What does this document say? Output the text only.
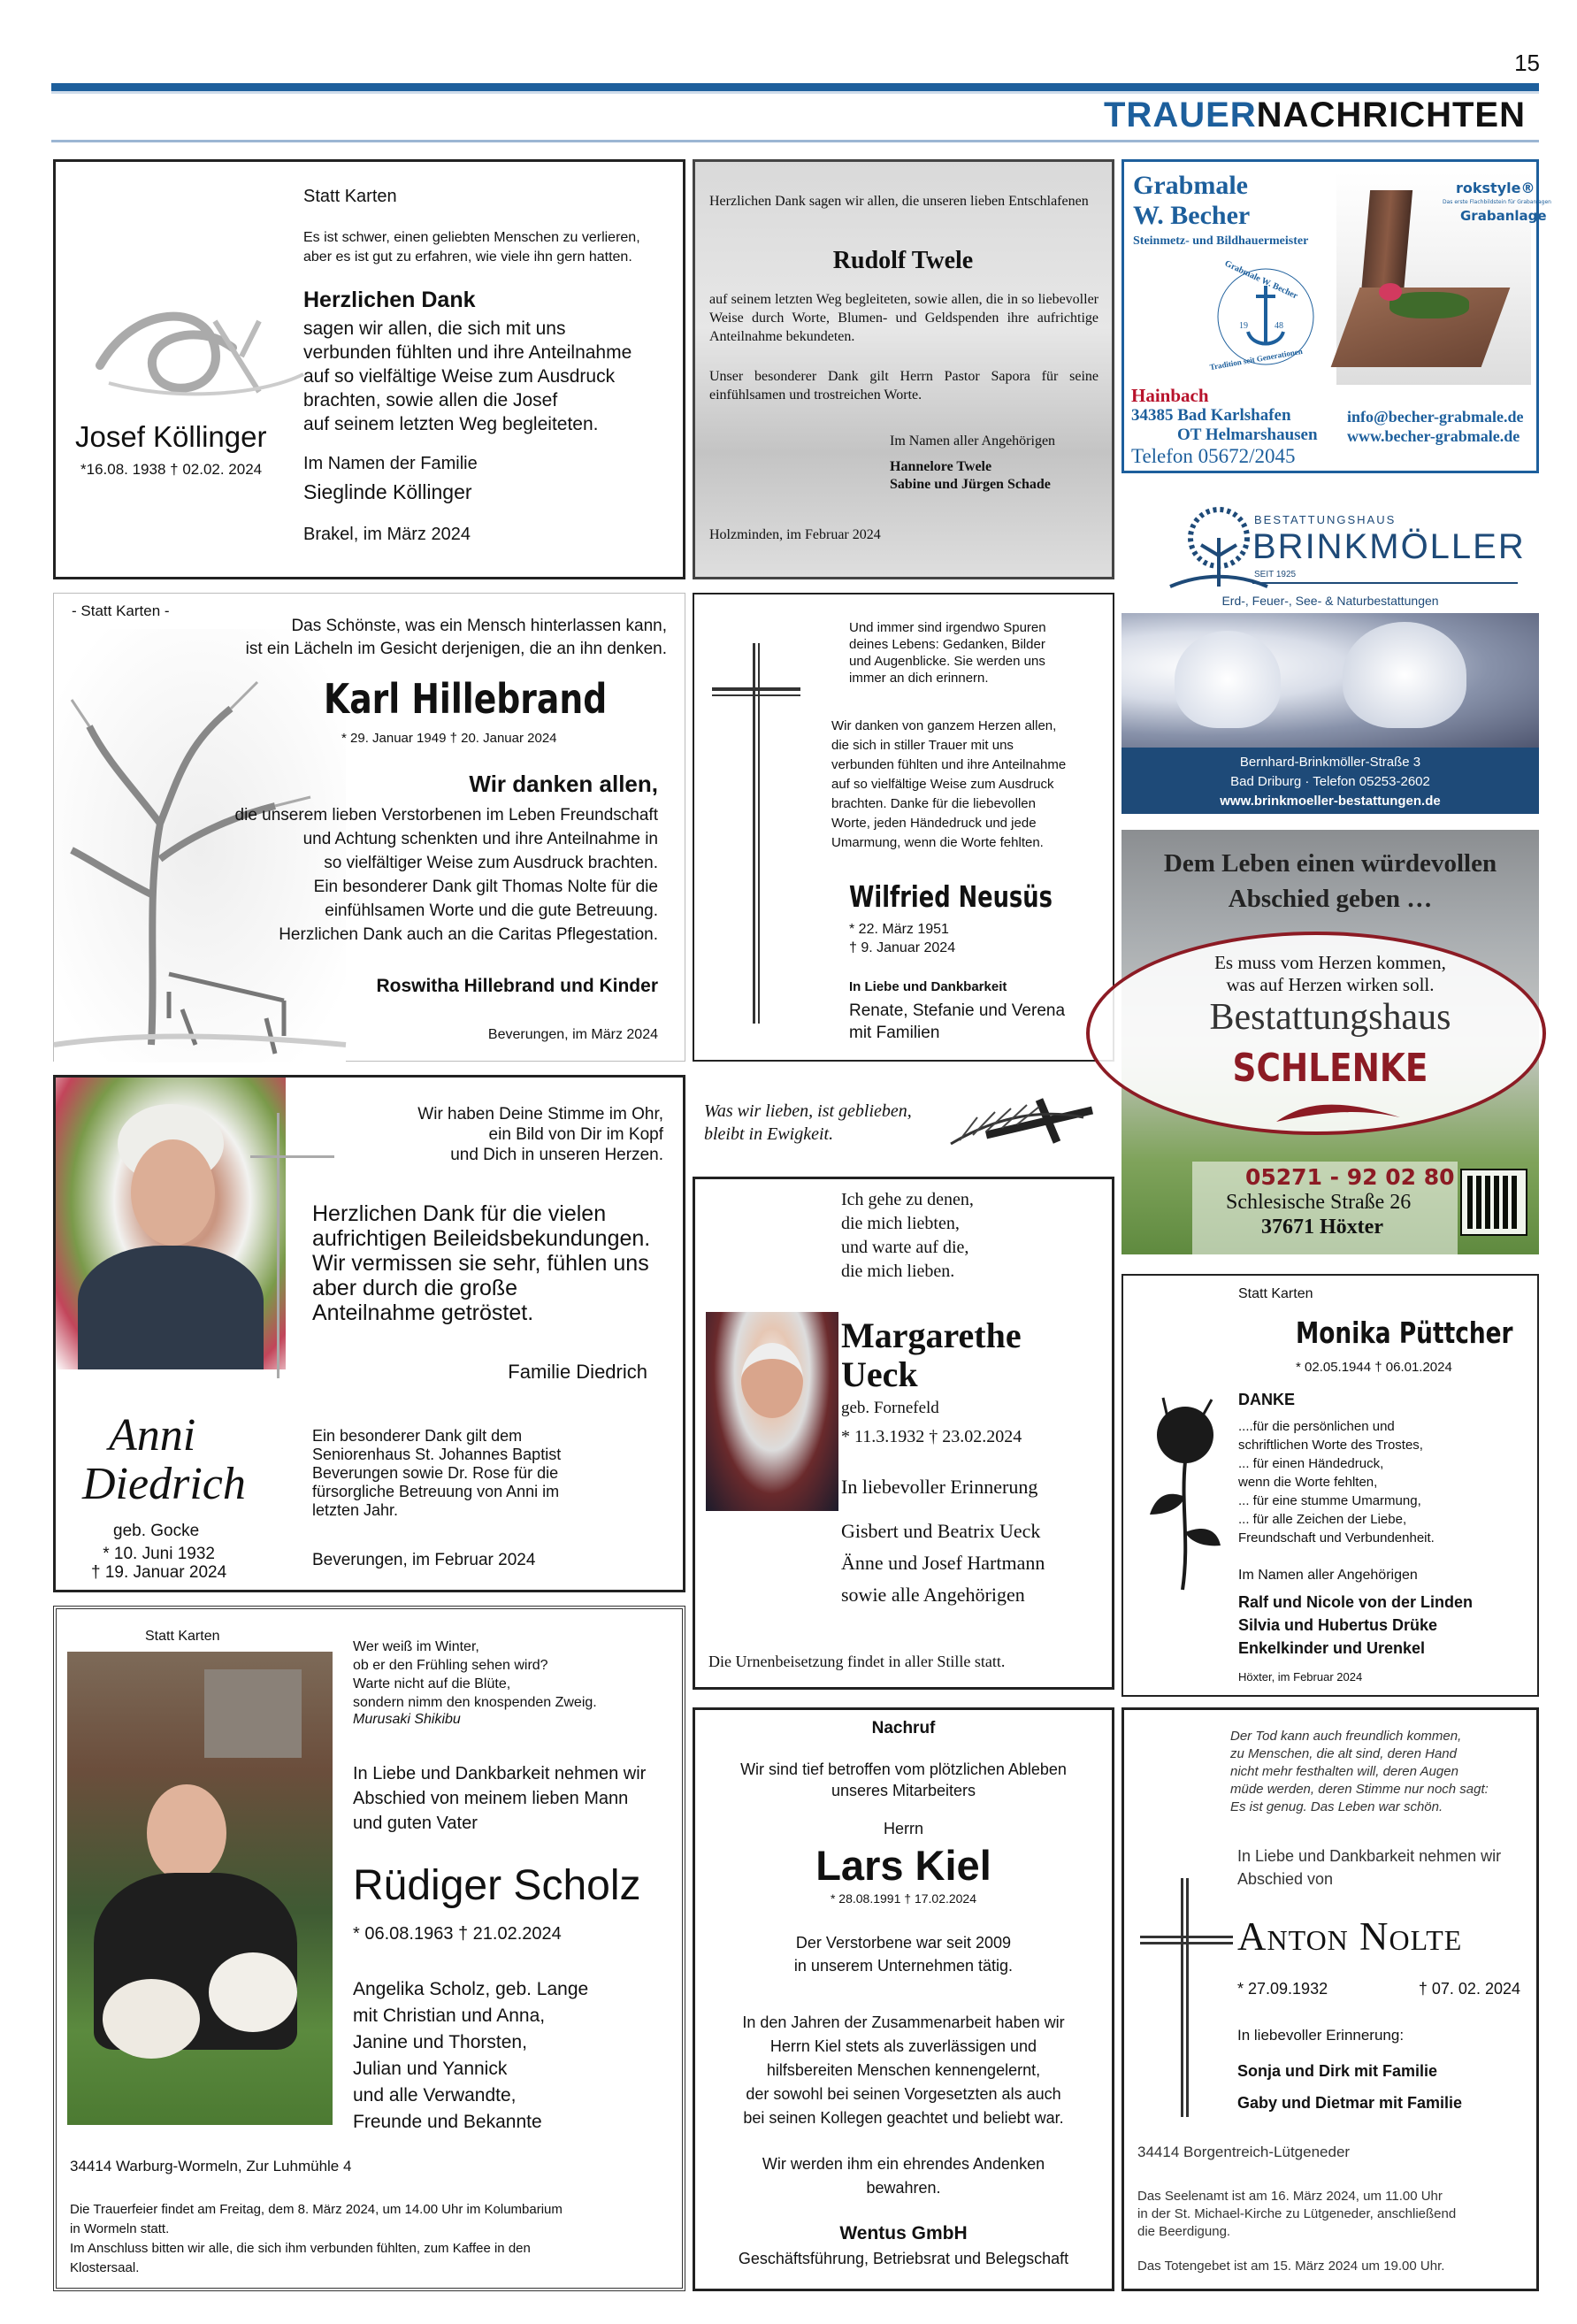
15
TRAUERNACHRICHTEN
Josef Köllinger
*16.08. 1938 † 02.02. 2024
Statt Karten
Es ist schwer, einen geliebten Menschen zu verlieren,
aber es ist gut zu erfahren, wie viele ihn gern hatten.
Herzlichen Dank
sagen wir allen, die sich mit uns
verbunden fühlten und ihre Anteilnahme
auf so vielfältige Weise zum Ausdruck
brachten, sowie allen die Josef
auf seinem letzten Weg begleiteten.
Im Namen der Familie
Sieglinde Köllinger
Brakel, im März 2024
Herzlichen Dank sagen wir allen, die unseren lieben Entschlafenen
Rudolf Twele
auf seinem letzten Weg begleiteten, sowie allen, die in so liebevoller Weise durch Worte, Blumen- und Geldspenden ihre aufrichtige Anteilnahme bekundeten.
Unser besonderer Dank gilt Herrn Pastor Sapora für seine einfühlsamen und trostreichen Worte.
Im Namen aller Angehörigen
Hannelore Twele
Sabine und Jürgen Schade
Holzminden, im Februar 2024
Grabmale
W. Becher
Steinmetz- und Bildhauermeister
Grabmale W. Becher
19	48
Tradition seit Generationen
rokstyle®
Das erste Flachbildstein für Grabanlagen
Grabanlage
Hainbach
34385 Bad Karlshafen
OT Helmarshausen
Telefon 05672/2045
info@becher-grabmale.de
www.becher-grabmale.de
BESTATTUNGSHAUS
BRINKMÖLLER
SEIT 1925
Erd-, Feuer-, See- & Naturbestattungen
Bernhard-Brinkmöller-Straße 3
Bad Driburg · Telefon 05253-2602
www.brinkmoeller-bestattungen.de
- Statt Karten -
Das Schönste, was ein Mensch hinterlassen kann,
ist ein Lächeln im Gesicht derjenigen, die an ihn denken.
Karl Hillebrand
* 29. Januar 1949 † 20. Januar 2024
Wir danken allen,
die unserem lieben Verstorbenen im Leben Freundschaft
und Achtung schenkten und ihre Anteilnahme in
so vielfältiger Weise zum Ausdruck brachten.
Ein besonderer Dank gilt Thomas Nolte für die
einfühlsamen Worte und die gute Betreuung.
Herzlichen Dank auch an die Caritas Pflegestation.
Roswitha Hillebrand und Kinder
Beverungen, im März 2024
Und immer sind irgendwo Spuren
deines Lebens: Gedanken, Bilder
und Augenblicke. Sie werden uns
immer an dich erinnern.
Wir danken von ganzem Herzen allen,
die sich in stiller Trauer mit uns
verbunden fühlten und ihre Anteilnahme
auf so vielfältige Weise zum Ausdruck
brachten. Danke für die liebevollen
Worte, jeden Händedruck und jede
Umarmung, wenn die Worte fehlten.
Wilfried Neusüs
* 22. März 1951
† 9. Januar 2024
In Liebe und Dankbarkeit
Renate, Stefanie und Verena
mit Familien
Dem Leben einen würdevollen
Abschied geben …
Es muss vom Herzen kommen,
was auf Herzen wirken soll.
Bestattungshaus
SCHLENKE
05271 - 92 02 80
Schlesische Straße 26
37671 Höxter
Wir haben Deine Stimme im Ohr,
ein Bild von Dir im Kopf
und Dich in unseren Herzen.
Herzlichen Dank für die vielen
aufrichtigen Beileidsbekundungen.
Wir vermissen sie sehr, fühlen uns
aber durch die große
Anteilnahme getröstet.
Familie Diedrich
Ein besonderer Dank gilt dem
Seniorenhaus St. Johannes Baptist
Beverungen sowie Dr. Rose für die
fürsorgliche Betreuung von Anni im
letzten Jahr.
Beverungen, im Februar 2024
Anni
Diedrich
geb. Gocke
* 10. Juni 1932
† 19. Januar 2024
Was wir lieben, ist geblieben,
bleibt in Ewigkeit.
Ich gehe zu denen,
die mich liebten,
und warte auf die,
die mich lieben.
Margarethe
Ueck
geb. Fornefeld
* 11.3.1932 † 23.02.2024
In liebevoller Erinnerung
Gisbert und Beatrix Ueck
Änne und Josef Hartmann
sowie alle Angehörigen
Die Urnenbeisetzung findet in aller Stille statt.
Statt Karten
Monika Püttcher
* 02.05.1944 † 06.01.2024
DANKE
....für die persönlichen und
schriftlichen Worte des Trostes,
... für einen Händedruck,
wenn die Worte fehlten,
... für eine stumme Umarmung,
... für alle Zeichen der Liebe,
Freundschaft und Verbundenheit.
Im Namen aller Angehörigen
Ralf und Nicole von der Linden
Silvia und Hubertus Drüke
Enkelkinder und Urenkel
Höxter, im Februar 2024
Statt Karten
Wer weiß im Winter,
ob er den Frühling sehen wird?
Warte nicht auf die Blüte,
sondern nimm den knospenden Zweig.
Murusaki Shikibu
In Liebe und Dankbarkeit nehmen wir
Abschied von meinem lieben Mann
und guten Vater
Rüdiger Scholz
* 06.08.1963 † 21.02.2024
Angelika Scholz, geb. Lange
mit Christian und Anna,
Janine und Thorsten,
Julian und Yannick
und alle Verwandte,
Freunde und Bekannte
34414 Warburg-Wormeln, Zur Luhmühle 4
Die Trauerfeier findet am Freitag, dem 8. März 2024, um 14.00 Uhr im Kolumbarium
in Wormeln statt.
Im Anschluss bitten wir alle, die sich ihm verbunden fühlten, zum Kaffee in den
Klostersaal.
Nachruf
Wir sind tief betroffen vom plötzlichen Ableben
unseres Mitarbeiters
Herrn
Lars Kiel
* 28.08.1991 † 17.02.2024
Der Verstorbene war seit 2009
in unserem Unternehmen tätig.
In den Jahren der Zusammenarbeit haben wir
Herrn Kiel stets als zuverlässigen und
hilfsbereiten Menschen kennengelernt,
der sowohl bei seinen Vorgesetzten als auch
bei seinen Kollegen geachtet und beliebt war.
Wir werden ihm ein ehrendes Andenken
bewahren.
Wentus GmbH
Geschäftsführung, Betriebsrat und Belegschaft
Der Tod kann auch freundlich kommen,
zu Menschen, die alt sind, deren Hand
nicht mehr festhalten will, deren Augen
müde werden, deren Stimme nur noch sagt:
Es ist genug. Das Leben war schön.
In Liebe und Dankbarkeit nehmen wir
Abschied von
Anton Nolte
* 27.09.1932	† 07. 02. 2024
In liebevoller Erinnerung:
Sonja und Dirk mit Familie
Gaby und Dietmar mit Familie
34414 Borgentreich-Lütgeneder
Das Seelenamt ist am 16. März 2024, um 11.00 Uhr
in der St. Michael-Kirche zu Lütgeneder, anschließend
die Beerdigung.
Das Totengebet ist am 15. März 2024 um 19.00 Uhr.
